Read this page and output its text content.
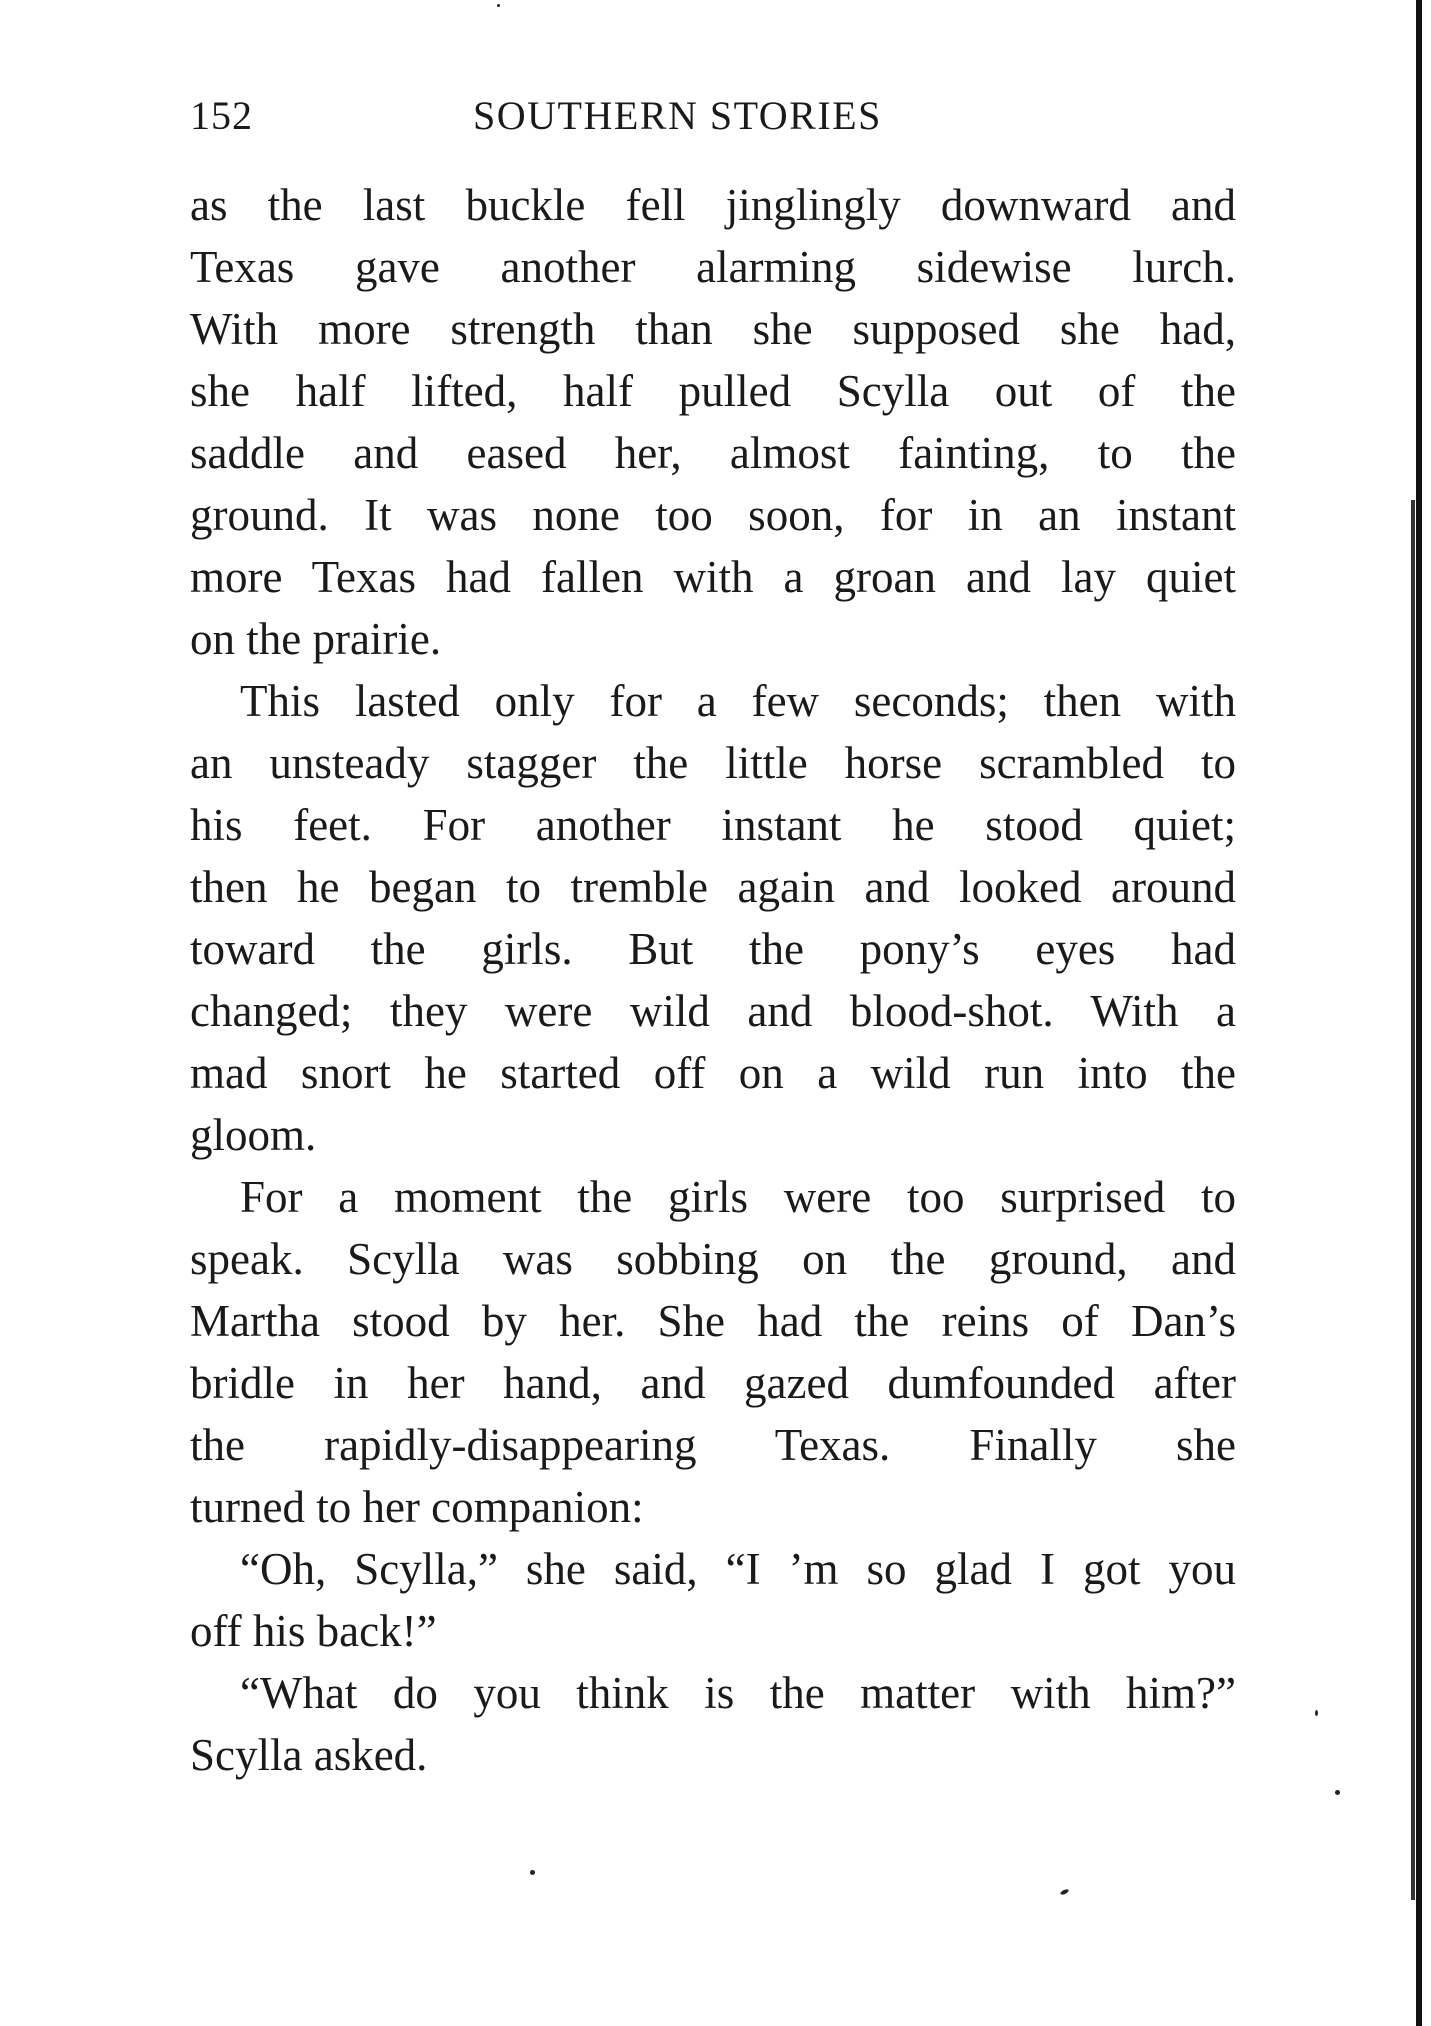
152	SOUTHERN STORIES
as the last buckle fell jinglingly downward and
Texas gave another alarming sidewise lurch.
With more strength than she supposed she had,
she half lifted, half pulled Scylla out of the
saddle and eased her, almost fainting, to the
ground. It was none too soon, for in an instant
more Texas had fallen with a groan and lay quiet
on the prairie.
This lasted only for a few seconds; then with
an unsteady stagger the little horse scrambled to
his feet. For another instant he stood quiet;
then he began to tremble again and looked around
toward the girls. But the pony’s eyes had
changed; they were wild and blood-shot. With a
mad snort he started off on a wild run into the
gloom.
For a moment the girls were too surprised to
speak. Scylla was sobbing on the ground, and
Martha stood by her. She had the reins of Dan’s
bridle in her hand, and gazed dumfounded after
the rapidly-disappearing Texas. Finally she
turned to her companion:
“Oh, Scylla,” she said, “I ’m so glad I got you
off his back!”
“What do you think is the matter with him?”
Scylla asked.
